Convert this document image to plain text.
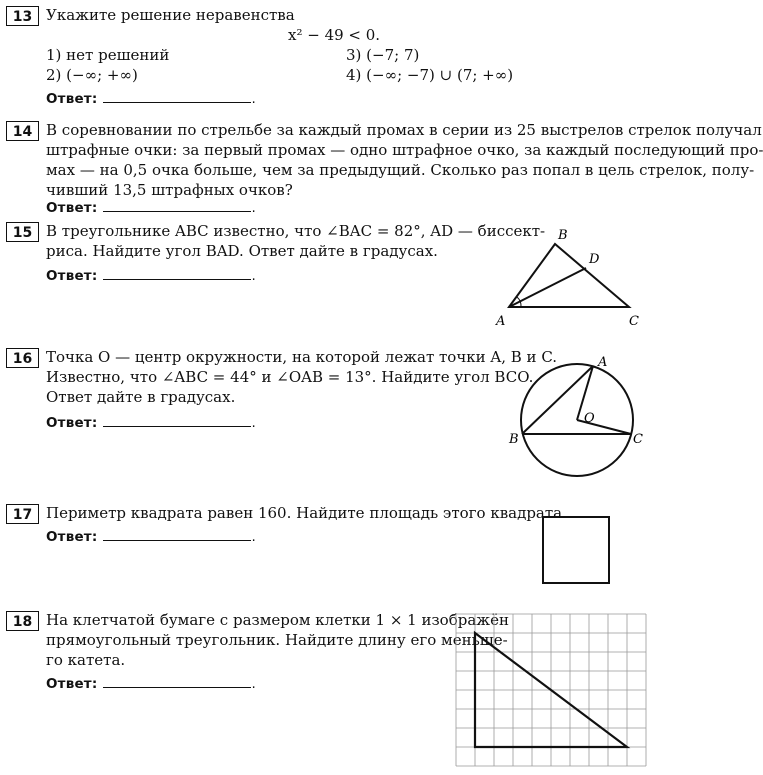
13 Укажите решение неравенства
x² − 49 < 0.
1) нет решений
2) (−∞; +∞)
3) (−7; 7)
4) (−∞; −7) ∪ (7; +∞)
Ответ:	.
14 В соревновании по стрельбе за каждый промах в серии из 25 выстрелов стрелок получал
штрафные очки: за первый промах — одно штрафное очко, за каждый последующий про-
мах — на 0,5 очка больше, чем за предыдущий. Сколько раз попал в цель стрелок, полу-
чивший 13,5 штрафных очков?
Ответ:	.
15 В треугольнике ABC известно, что ∠BAC = 82°, AD — биссект-
риса. Найдите угол BAD. Ответ дайте в градусах.
Ответ:	.
A
B
C
D
16 Точка O — центр окружности, на которой лежат точки A, B и C.
Известно, что ∠ABC = 44° и ∠OAB = 13°. Найдите угол BCO.
Ответ дайте в градусах.
Ответ:	.
A
B	C
O
17 Периметр квадрата равен 160. Найдите площадь этого квадрата.
Ответ:	.
18 На клетчатой бумаге с размером клетки 1 × 1 изображён
прямоугольный треугольник. Найдите длину его меньше-
го катета.
Ответ:	.
